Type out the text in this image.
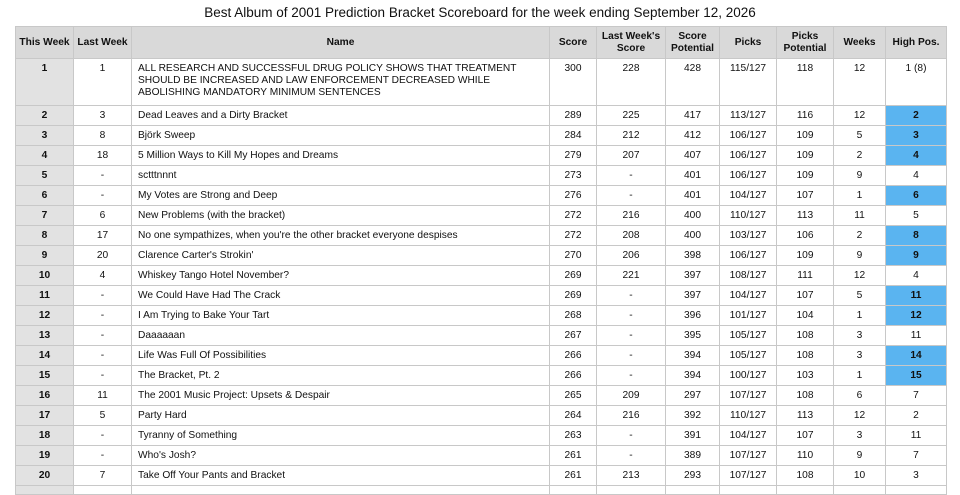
Best Album of 2001 Prediction Bracket Scoreboard for the week ending September 12, 2026
This Week	Last Week	Name	Score	Last Week's Score	Score Potential	Picks	Picks Potential	Weeks	High Pos.
1	1	ALL RESEARCH AND SUCCESSFUL DRUG POLICY SHOWS THAT TREATMENT SHOULD BE INCREASED AND LAW ENFORCEMENT DECREASED WHILE ABOLISHING MANDATORY MINIMUM SENTENCES	300	228	428	115/127	118	12	1 (8)
2	3	Dead Leaves and a Dirty Bracket	289	225	417	113/127	116	12	2
3	8	Björk Sweep	284	212	412	106/127	109	5	3
4	18	5 Million Ways to Kill My Hopes and Dreams	279	207	407	106/127	109	2	4
5	-	sctttnnnt	273	-	401	106/127	109	9	4
6	-	My Votes are Strong and Deep	276	-	401	104/127	107	1	6
7	6	New Problems (with the bracket)	272	216	400	110/127	113	11	5
8	17	No one sympathizes, when you're the other bracket everyone despises	272	208	400	103/127	106	2	8
9	20	Clarence Carter's Strokin'	270	206	398	106/127	109	9	9
10	4	Whiskey Tango Hotel November?	269	221	397	108/127	111	12	4
11	-	We Could Have Had The Crack	269	-	397	104/127	107	5	11
12	-	I Am Trying to Bake Your Tart	268	-	396	101/127	104	1	12
13	-	Daaaaaan	267	-	395	105/127	108	3	11
14	-	Life Was Full Of Possibilities	266	-	394	105/127	108	3	14
15	-	The Bracket, Pt. 2	266	-	394	100/127	103	1	15
16	11	The 2001 Music Project: Upsets & Despair	265	209	297	107/127	108	6	7
17	5	Party Hard	264	216	392	110/127	113	12	2
18	-	Tyranny of Something	263	-	391	104/127	107	3	11
19	-	Who's Josh?	261	-	389	107/127	110	9	7
20	7	Take Off Your Pants and Bracket	261	213	293	107/127	108	10	3
